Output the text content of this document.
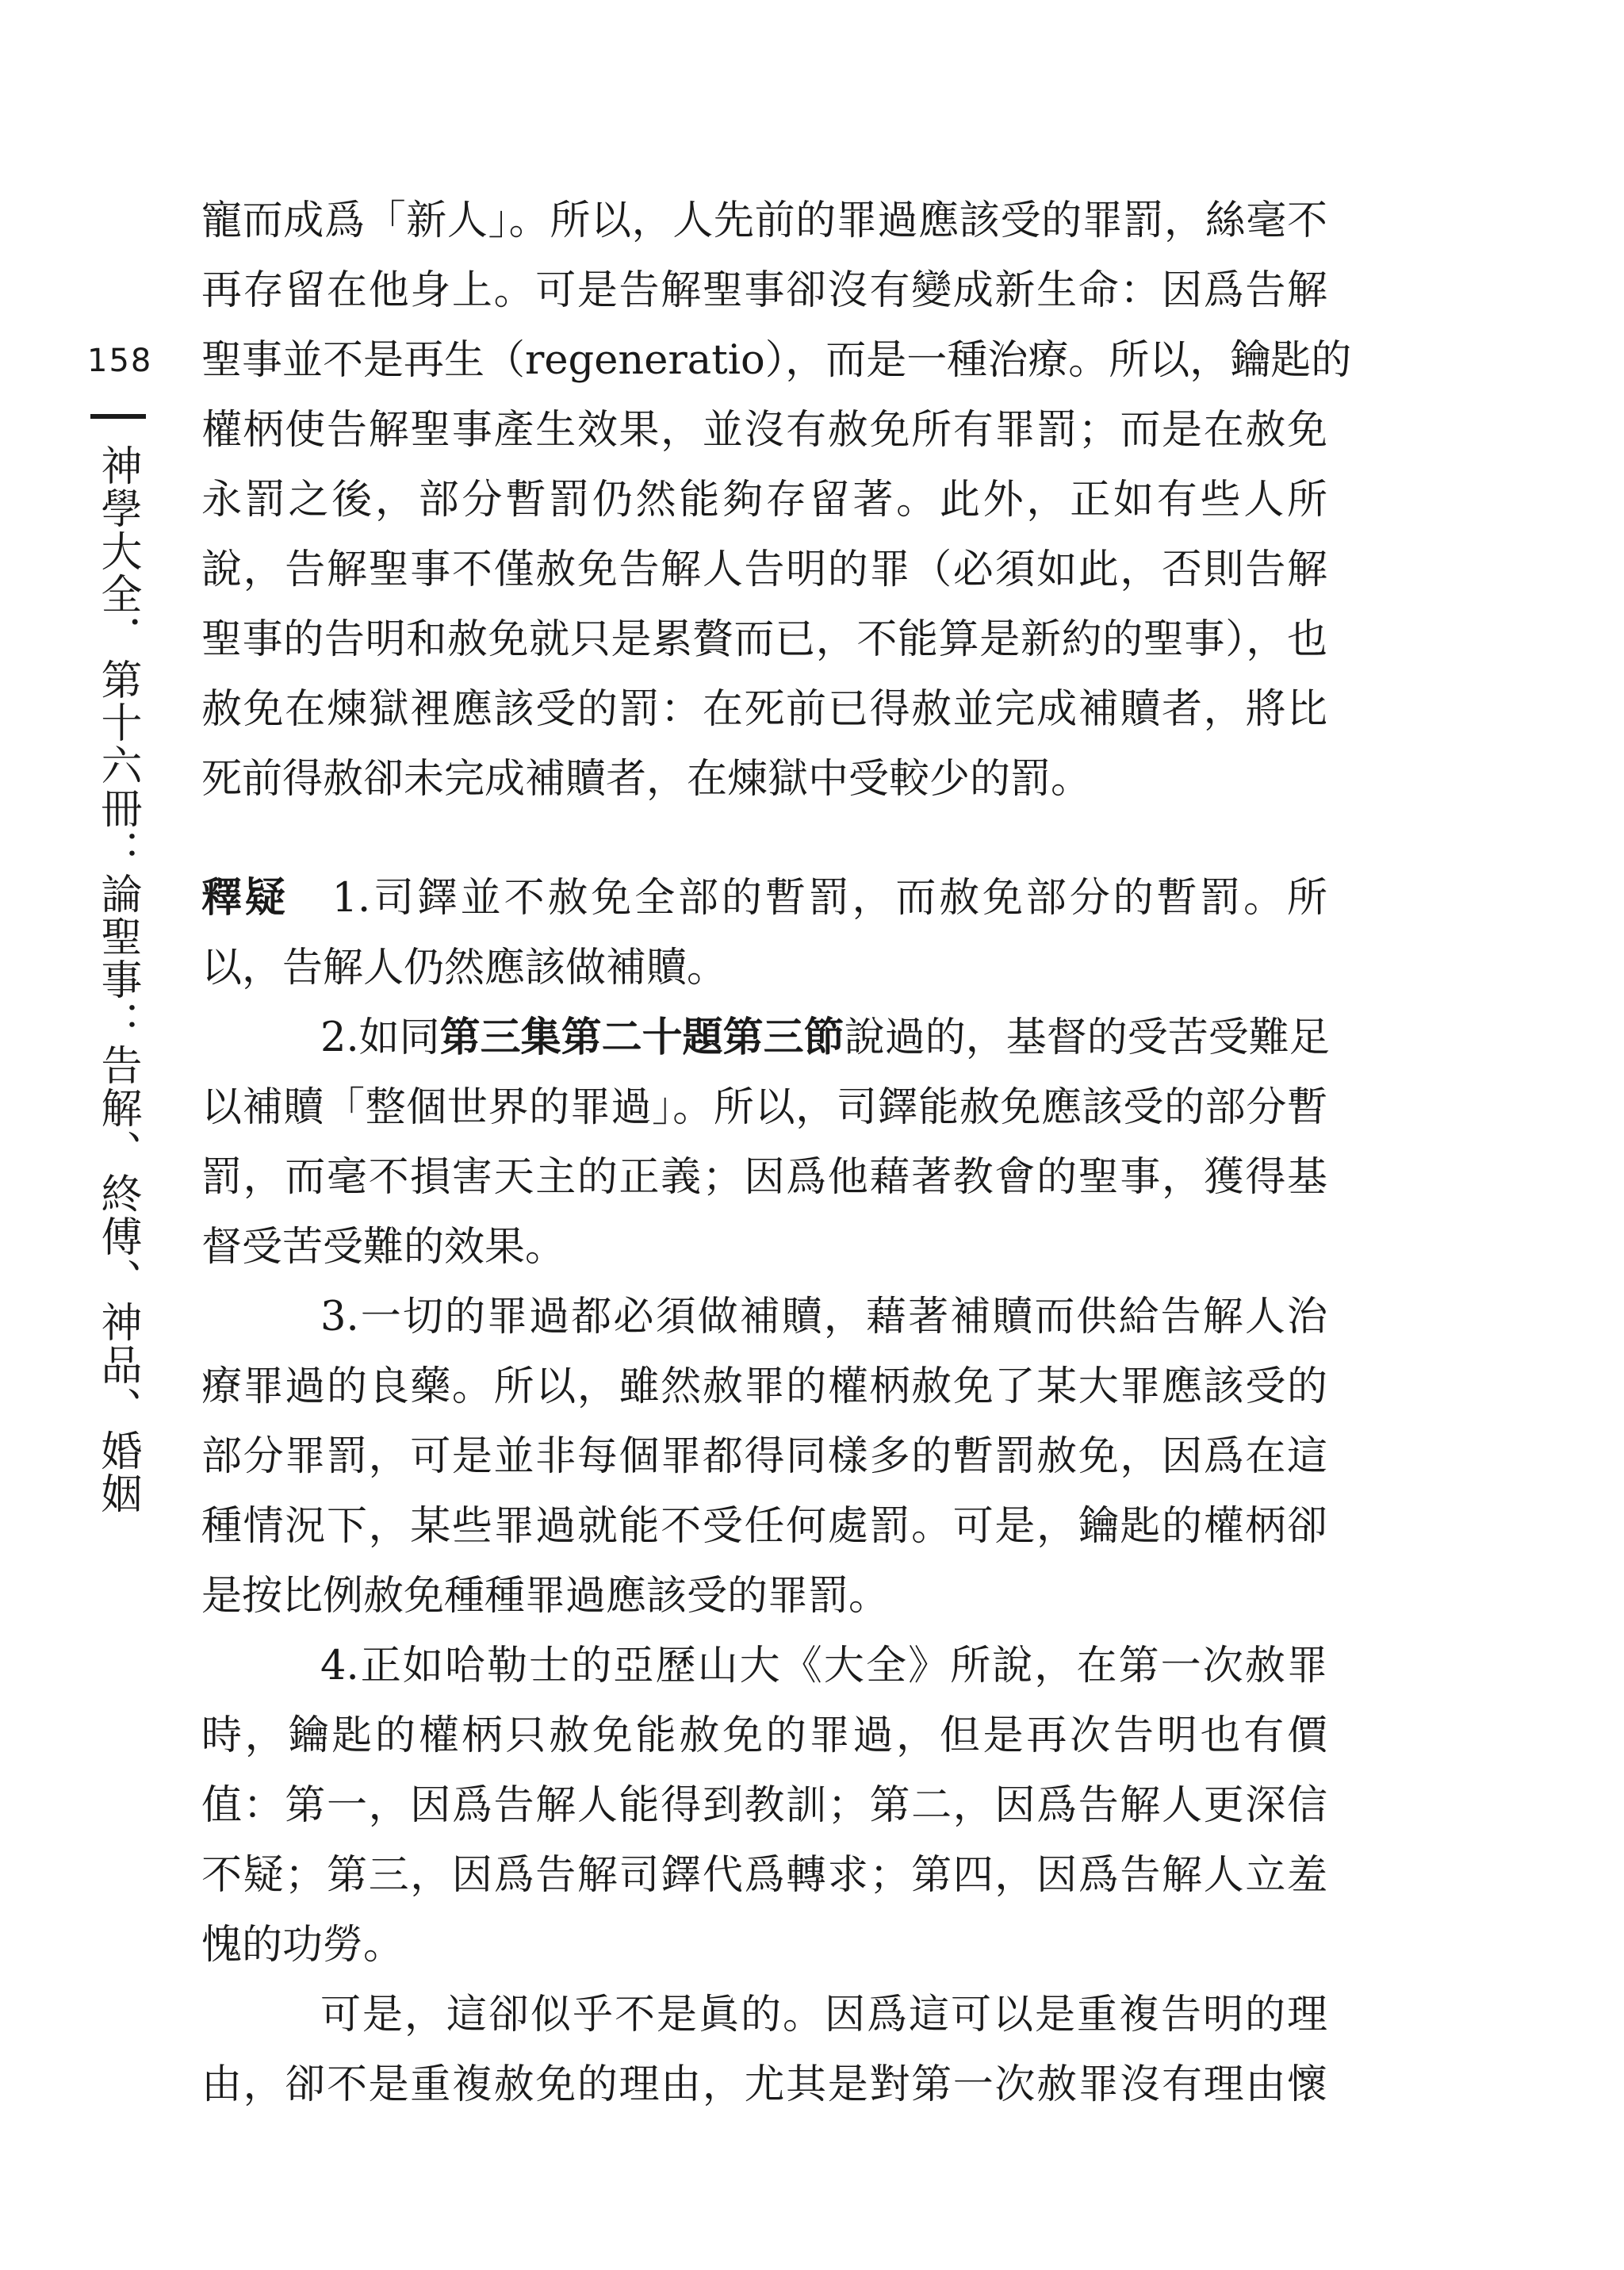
158
神學大全．第十六冊：論聖事：告解、終傅、神品、婚姻
寵而成爲「新人」。所以，人先前的罪過應該受的罪罰，絲毫不
再存留在他身上。可是告解聖事卻沒有變成新生命：因爲告解
聖事並不是再生（regeneratio），而是一種治療。所以，鑰匙的
權柄使告解聖事產生效果，並沒有赦免所有罪罰；而是在赦免
永罰之後，部分暫罰仍然能夠存留著。此外，正如有些人所
說，告解聖事不僅赦免告解人告明的罪（必須如此，否則告解
聖事的告明和赦免就只是累贅而已，不能算是新約的聖事），也
赦免在煉獄裡應該受的罰：在死前已得赦並完成補贖者，將比
死前得赦卻未完成補贖者，在煉獄中受較少的罰。
釋疑　 1.司鐸並不赦免全部的暫罰，而赦免部分的暫罰。所
以，告解人仍然應該做補贖。
2.如同第三集第二十題第三節說過的，基督的受苦受難足
以補贖「整個世界的罪過」。所以，司鐸能赦免應該受的部分暫
罰，而毫不損害天主的正義；因爲他藉著教會的聖事，獲得基
督受苦受難的效果。
3.一切的罪過都必須做補贖，藉著補贖而供給告解人治
療罪過的良藥。所以，雖然赦罪的權柄赦免了某大罪應該受的
部分罪罰，可是並非每個罪都得同樣多的暫罰赦免，因爲在這
種情況下，某些罪過就能不受任何處罰。可是，鑰匙的權柄卻
是按比例赦免種種罪過應該受的罪罰。
4.正如哈勒士的亞歷山大《大全》所說，在第一次赦罪
時，鑰匙的權柄只赦免能赦免的罪過，但是再次告明也有價
值：第一，因爲告解人能得到教訓；第二，因爲告解人更深信
不疑；第三，因爲告解司鐸代爲轉求；第四，因爲告解人立羞
愧的功勞。
可是，這卻似乎不是眞的。因爲這可以是重複告明的理
由，卻不是重複赦免的理由，尤其是對第一次赦罪沒有理由懷
